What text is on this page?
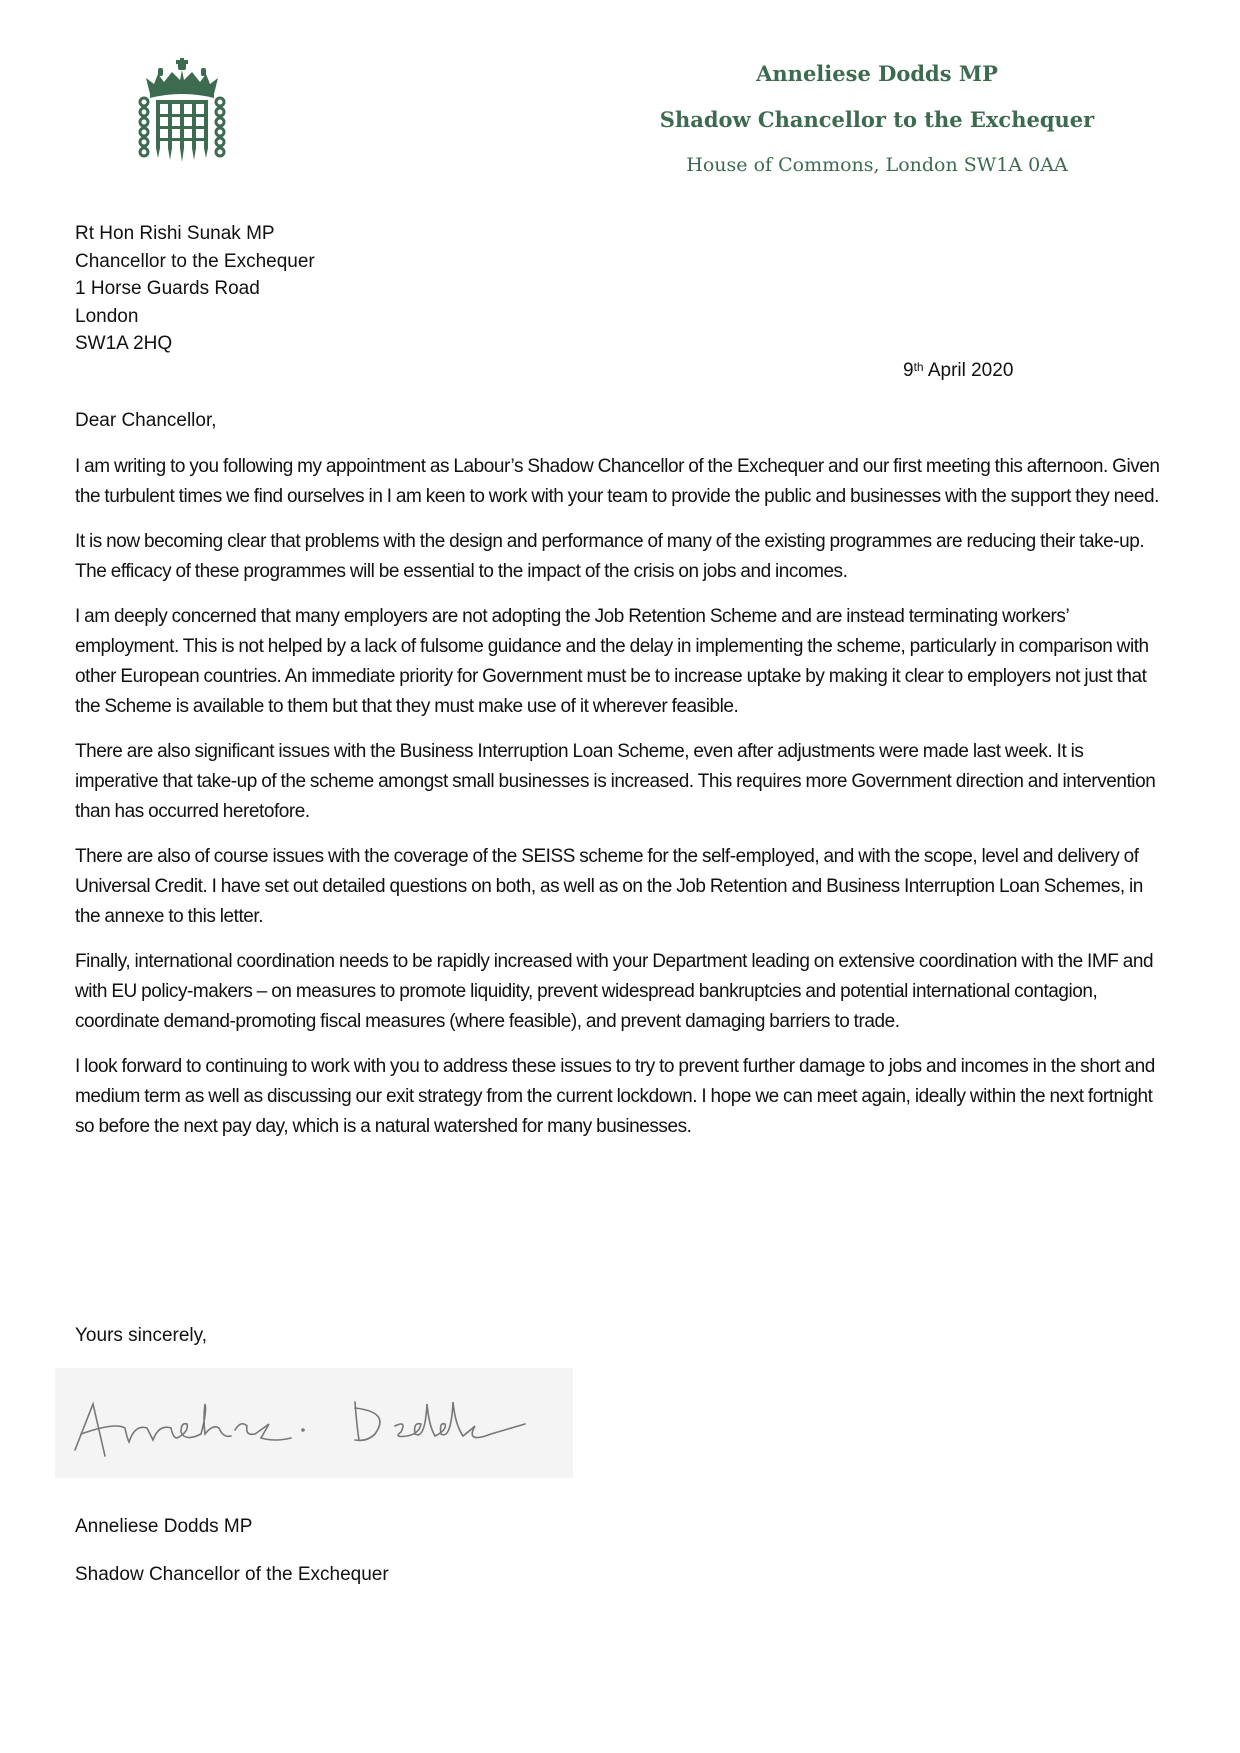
Anneliese Dodds MP
Shadow Chancellor to the Exchequer
House of Commons, London SW1A 0AA
Rt Hon Rishi Sunak MP
Chancellor to the Exchequer
1 Horse Guards Road
London
SW1A 2HQ
9th April 2020
Dear Chancellor,

I am writing to you following my appointment as Labour’s Shadow Chancellor of the Exchequer and our first meeting this afternoon. Given the turbulent times we find ourselves in I am keen to work with your team to provide the public and businesses with the support they need.

It is now becoming clear that problems with the design and performance of many of the existing programmes are reducing their take-up. The efficacy of these programmes will be essential to the impact of the crisis on jobs and incomes.

I am deeply concerned that many employers are not adopting the Job Retention Scheme and are instead terminating workers’ employment. This is not helped by a lack of fulsome guidance and the delay in implementing the scheme, particularly in comparison with other European countries. An immediate priority for Government must be to increase uptake by making it clear to employers not just that the Scheme is available to them but that they must make use of it wherever feasible.

There are also significant issues with the Business Interruption Loan Scheme, even after adjustments were made last week. It is imperative that take-up of the scheme amongst small businesses is increased. This requires more Government direction and intervention than has occurred heretofore.

There are also of course issues with the coverage of the SEISS scheme for the self-employed, and with the scope, level and delivery of Universal Credit. I have set out detailed questions on both, as well as on the Job Retention and Business Interruption Loan Schemes, in the annexe to this letter.

Finally, international coordination needs to be rapidly increased with your Department leading on extensive coordination with the IMF and with EU policy-makers – on measures to promote liquidity, prevent widespread bankruptcies and potential international contagion, coordinate demand-promoting fiscal measures (where feasible), and prevent damaging barriers to trade.

I look forward to continuing to work with you to address these issues to try to prevent further damage to jobs and incomes in the short and medium term as well as discussing our exit strategy from the current lockdown. I hope we can meet again, ideally within the next fortnight so before the next pay day, which is a natural watershed for many businesses.

Yours sincerely,
Anneliese Dodds MP
Shadow Chancellor of the Exchequer
